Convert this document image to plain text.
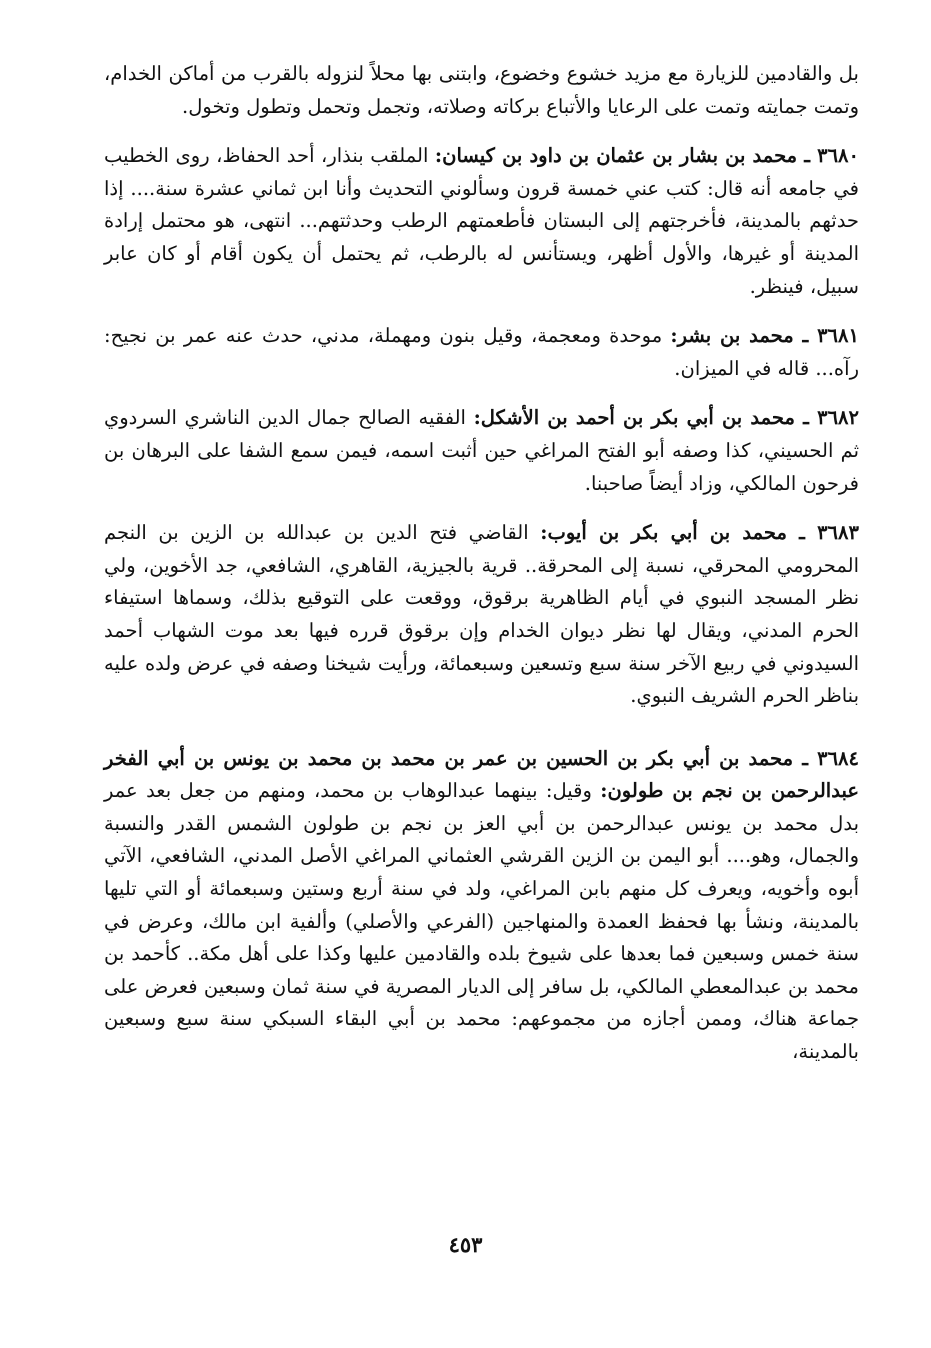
بل والقادمين للزيارة مع مزيد خشوع وخضوع، وابتنى بها محلاً لنزوله بالقرب من أماكن الخدام، وتمت جمايته وتمت على الرعايا والأتباع بركاته وصلاته، وتجمل وتحمل وتطول وتخول.

٣٦٨٠ ـ محمد بن بشار بن عثمان بن داود بن كيسان: الملقب بنذار، أحد الحفاظ، روى الخطيب في جامعه أنه قال: كتب عني خمسة قرون وسألوني التحديث وأنا ابن ثماني عشرة سنة.... إذا حدثهم بالمدينة، فأخرجتهم إلى البستان فأطعمتهم الرطب وحدثتهم... انتهى، هو محتمل إرادة المدينة أو غيرها، والأول أظهر، ويستأنس له بالرطب، ثم يحتمل أن يكون أقام أو كان عابر سبيل، فينظر.

٣٦٨١ ـ محمد بن بشر: موحدة ومعجمة، وقيل بنون ومهملة، مدني، حدث عنه عمر بن نجيح: رآه... قاله في الميزان.

٣٦٨٢ ـ محمد بن أبي بكر بن أحمد بن الأشكل: الفقيه الصالح جمال الدين الناشري السردوي ثم الحسيني، كذا وصفه أبو الفتح المراغي حين أثبت اسمه، فيمن سمع الشفا على البرهان بن فرحون المالكي، وزاد أيضاً صاحبنا.

٣٦٨٣ ـ محمد بن أبي بكر بن أيوب: القاضي فتح الدين بن عبدالله بن الزين بن النجم المحرومي المحرقي، نسبة إلى المحرقة.. قرية بالجيزية، القاهري، الشافعي، جد الأخوين، ولي نظر المسجد النبوي في أيام الظاهرية برقوق، ووقعت على التوقيع بذلك، وسماها استيفاء الحرم المدني، ويقال لها نظر ديوان الخدام وإن برقوق قرره فيها بعد موت الشهاب أحمد السيدوني في ربيع الآخر سنة سبع وتسعين وسبعمائة، ورأيت شيخنا وصفه في عرض ولده عليه بناظر الحرم الشريف النبوي.

٣٦٨٤ ـ محمد بن أبي بكر بن الحسين بن عمر بن محمد بن محمد بن يونس بن أبي الفخر عبدالرحمن بن نجم بن طولون: وقيل: بينهما عبدالوهاب بن محمد، ومنهم من جعل بعد عمر بدل محمد بن يونس عبدالرحمن بن أبي العز بن نجم بن طولون الشمس القدر والنسبة والجمال، وهو.... أبو اليمن بن الزين القرشي العثماني المراغي الأصل المدني، الشافعي، الآتي أبوه وأخويه، ويعرف كل منهم بابن المراغي، ولد في سنة أربع وستين وسبعمائة أو التي تليها بالمدينة، ونشأ بها فحفظ العمدة والمنهاجين (الفرعي والأصلي) وألفية ابن مالك، وعرض في سنة خمس وسبعين فما بعدها على شيوخ بلده والقادمين عليها وكذا على أهل مكة.. كأحمد بن محمد بن عبدالمعطي المالكي، بل سافر إلى الديار المصرية في سنة ثمان وسبعين فعرض على جماعة هناك، وممن أجازه من مجموعهم: محمد بن أبي البقاء السبكي سنة سبع وسبعين بالمدينة،

٤٥٣
